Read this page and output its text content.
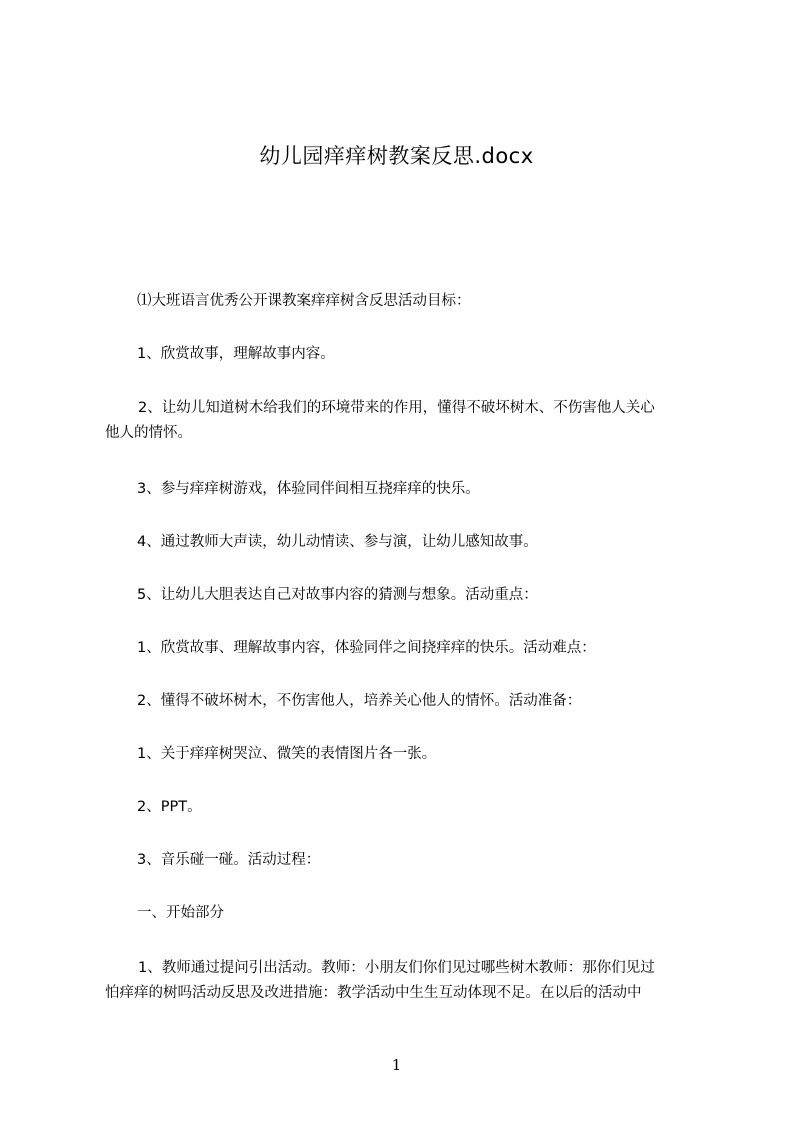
幼儿园痒痒树教案反思.docx
⑴大班语言优秀公开课教案痒痒树含反思活动目标：
1、欣赏故事，理解故事内容。
2、让幼儿知道树木给我们的环境带来的作用，懂得不破坏树木、不伤害他人关心
他人的情怀。
3、参与痒痒树游戏，体验同伴间相互挠痒痒的快乐。
4、通过教师大声读，幼儿动情读、参与演，让幼儿感知故事。
5、让幼儿大胆表达自己对故事内容的猜测与想象。活动重点：
1、欣赏故事、理解故事内容，体验同伴之间挠痒痒的快乐。活动难点：
2、懂得不破坏树木，不伤害他人，培养关心他人的情怀。活动准备：
1、关于痒痒树哭泣、微笑的表情图片各一张。
2、PPT。
3、音乐碰一碰。活动过程：
一、开始部分
1、教师通过提问引出活动。教师：小朋友们你们见过哪些树木教师：那你们见过
怕痒痒的树吗活动反思及改进措施：教学活动中生生互动体现不足。在以后的活动中
1
